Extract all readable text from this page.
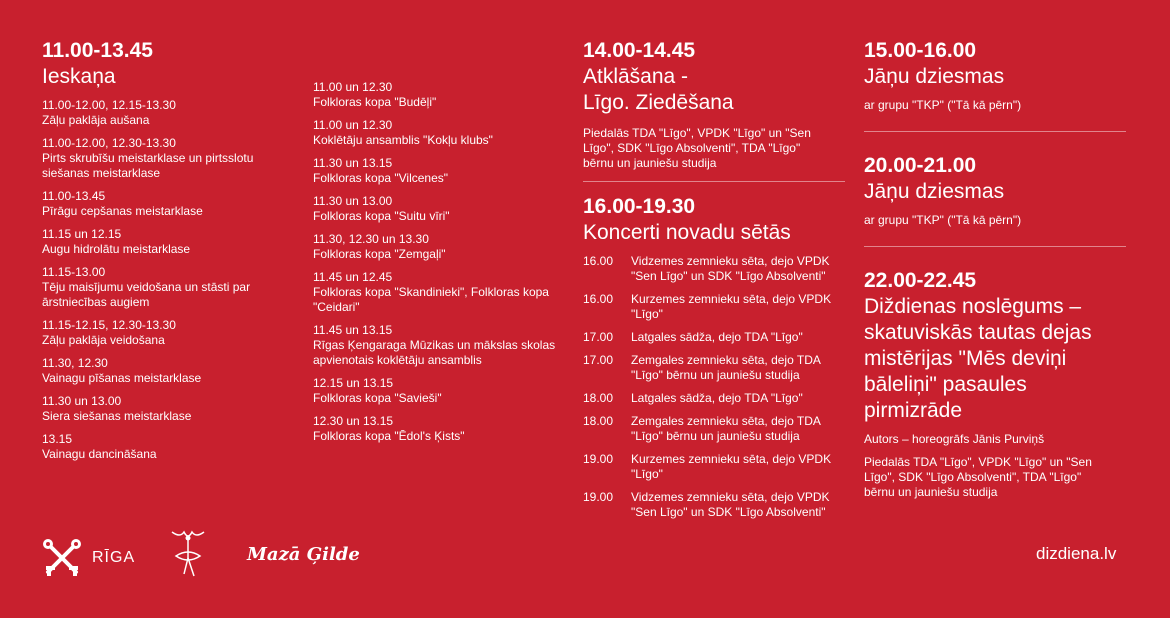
11.00-13.45
Ieskaņa
11.00-12.00, 12.15-13.30
Zāļu paklāja aušana
11.00-12.00, 12.30-13.30
Pirts skrubīšu meistarklase un pirtsslotu siešanas meistarklase
11.00-13.45
Pīrāgu cepšanas meistarklase
11.15 un 12.15
Augu hidrolātu meistarklase
11.15-13.00
Tēju maisījumu veidošana un stāsti par ārstniecības augiem
11.15-12.15, 12.30-13.30
Zāļu paklāja veidošana
11.30, 12.30
Vainagu pīšanas meistarklase
11.30 un 13.00
Siera siešanas meistarklase
13.15
Vainagu dancināšana
11.00 un 12.30
Folkloras kopa "Budēļi"
11.00 un 12.30
Koklētāju ansamblis "Kokļu klubs"
11.30 un 13.15
Folkloras kopa "Vilcenes"
11.30 un 13.00
Folkloras kopa "Suitu vīri"
11.30, 12.30 un 13.30
Folkloras kopa "Zemgaļi"
11.45 un 12.45
Folkloras kopa "Skandinieki", Folkloras kopa "Ceidari"
11.45 un 13.15
Rīgas Ķengaraga Mūzikas un mākslas skolas apvienotais koklētāju ansamblis
12.15 un 13.15
Folkloras kopa "Savieši"
12.30 un 13.15
Folkloras kopa "Ēdol's Ķists"
14.00-14.45
Atklāšana -
Līgo. Ziedēšana
Piedalās TDA "Līgo", VPDK "Līgo" un "Sen Līgo", SDK "Līgo Absolventi", TDA "Līgo" bērnu un jauniešu studija
16.00-19.30
Koncerti novadu sētās
16.00	Vidzemes zemnieku sēta, dejo VPDK "Sen Līgo" un SDK "Līgo Absolventi"
16.00	Kurzemes zemnieku sēta, dejo VPDK "Līgo"
17.00	Latgales sādža, dejo TDA "Līgo"
17.00	Zemgales zemnieku sēta, dejo TDA "Līgo" bērnu un jauniešu studija
18.00	Latgales sādža, dejo TDA "Līgo"
18.00	Zemgales zemnieku sēta, dejo TDA "Līgo" bērnu un jauniešu studija
19.00	Kurzemes zemnieku sēta, dejo VPDK "Līgo"
19.00	Vidzemes zemnieku sēta, dejo VPDK "Sen Līgo" un SDK "Līgo Absolventi"
15.00-16.00
Jāņu dziesmas
ar grupu "TKP" ("Tā kā pērn")
20.00-21.00
Jāņu dziesmas
ar grupu "TKP" ("Tā kā pērn")
22.00-22.45
Diždienas noslēgums – skatuviskās tautas dejas mistērijas "Mēs deviņi bāleliņi" pasaules pirmizrāde
Autors – horeogrāfs Jānis Purviņš
Piedalās TDA "Līgo", VPDK "Līgo" un "Sen Līgo", SDK "Līgo Absolventi", TDA "Līgo" bērnu un jauniešu studija
RĪGA	Mazā Ģilde	dizdiena.lv
